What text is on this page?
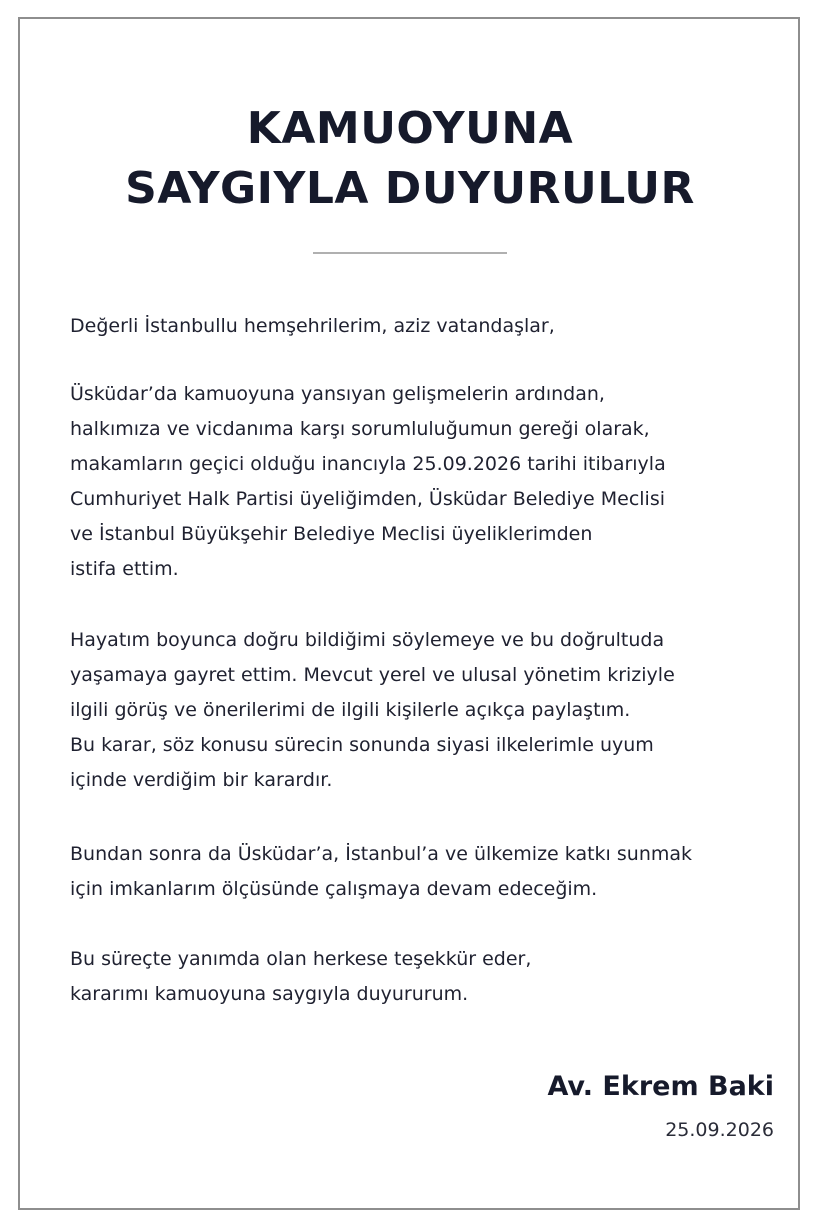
KAMUOYUNA
SAYGIYLA DUYURULUR
Değerli İstanbullu hemşehrilerim, aziz vatandaşlar,
Üsküdar’da kamuoyuna yansıyan gelişmelerin ardından,
halkımıza ve vicdanıma karşı sorumluluğumun gereği olarak,
makamların geçici olduğu inancıyla 25.09.2026 tarihi itibarıyla
Cumhuriyet Halk Partisi üyeliğimden, Üsküdar Belediye Meclisi
ve İstanbul Büyükşehir Belediye Meclisi üyeliklerimden
istifa ettim.
Hayatım boyunca doğru bildiğimi söylemeye ve bu doğrultuda
yaşamaya gayret ettim. Mevcut yerel ve ulusal yönetim kriziyle
ilgili görüş ve önerilerimi de ilgili kişilerle açıkça paylaştım.
Bu karar, söz konusu sürecin sonunda siyasi ilkelerimle uyum
içinde verdiğim bir karardır.
Bundan sonra da Üsküdar’a, İstanbul’a ve ülkemize katkı sunmak
için imkanlarım ölçüsünde çalışmaya devam edeceğim.
Bu süreçte yanımda olan herkese teşekkür eder,
kararımı kamuoyuna saygıyla duyururum.
Av. Ekrem Baki
25.09.2026
